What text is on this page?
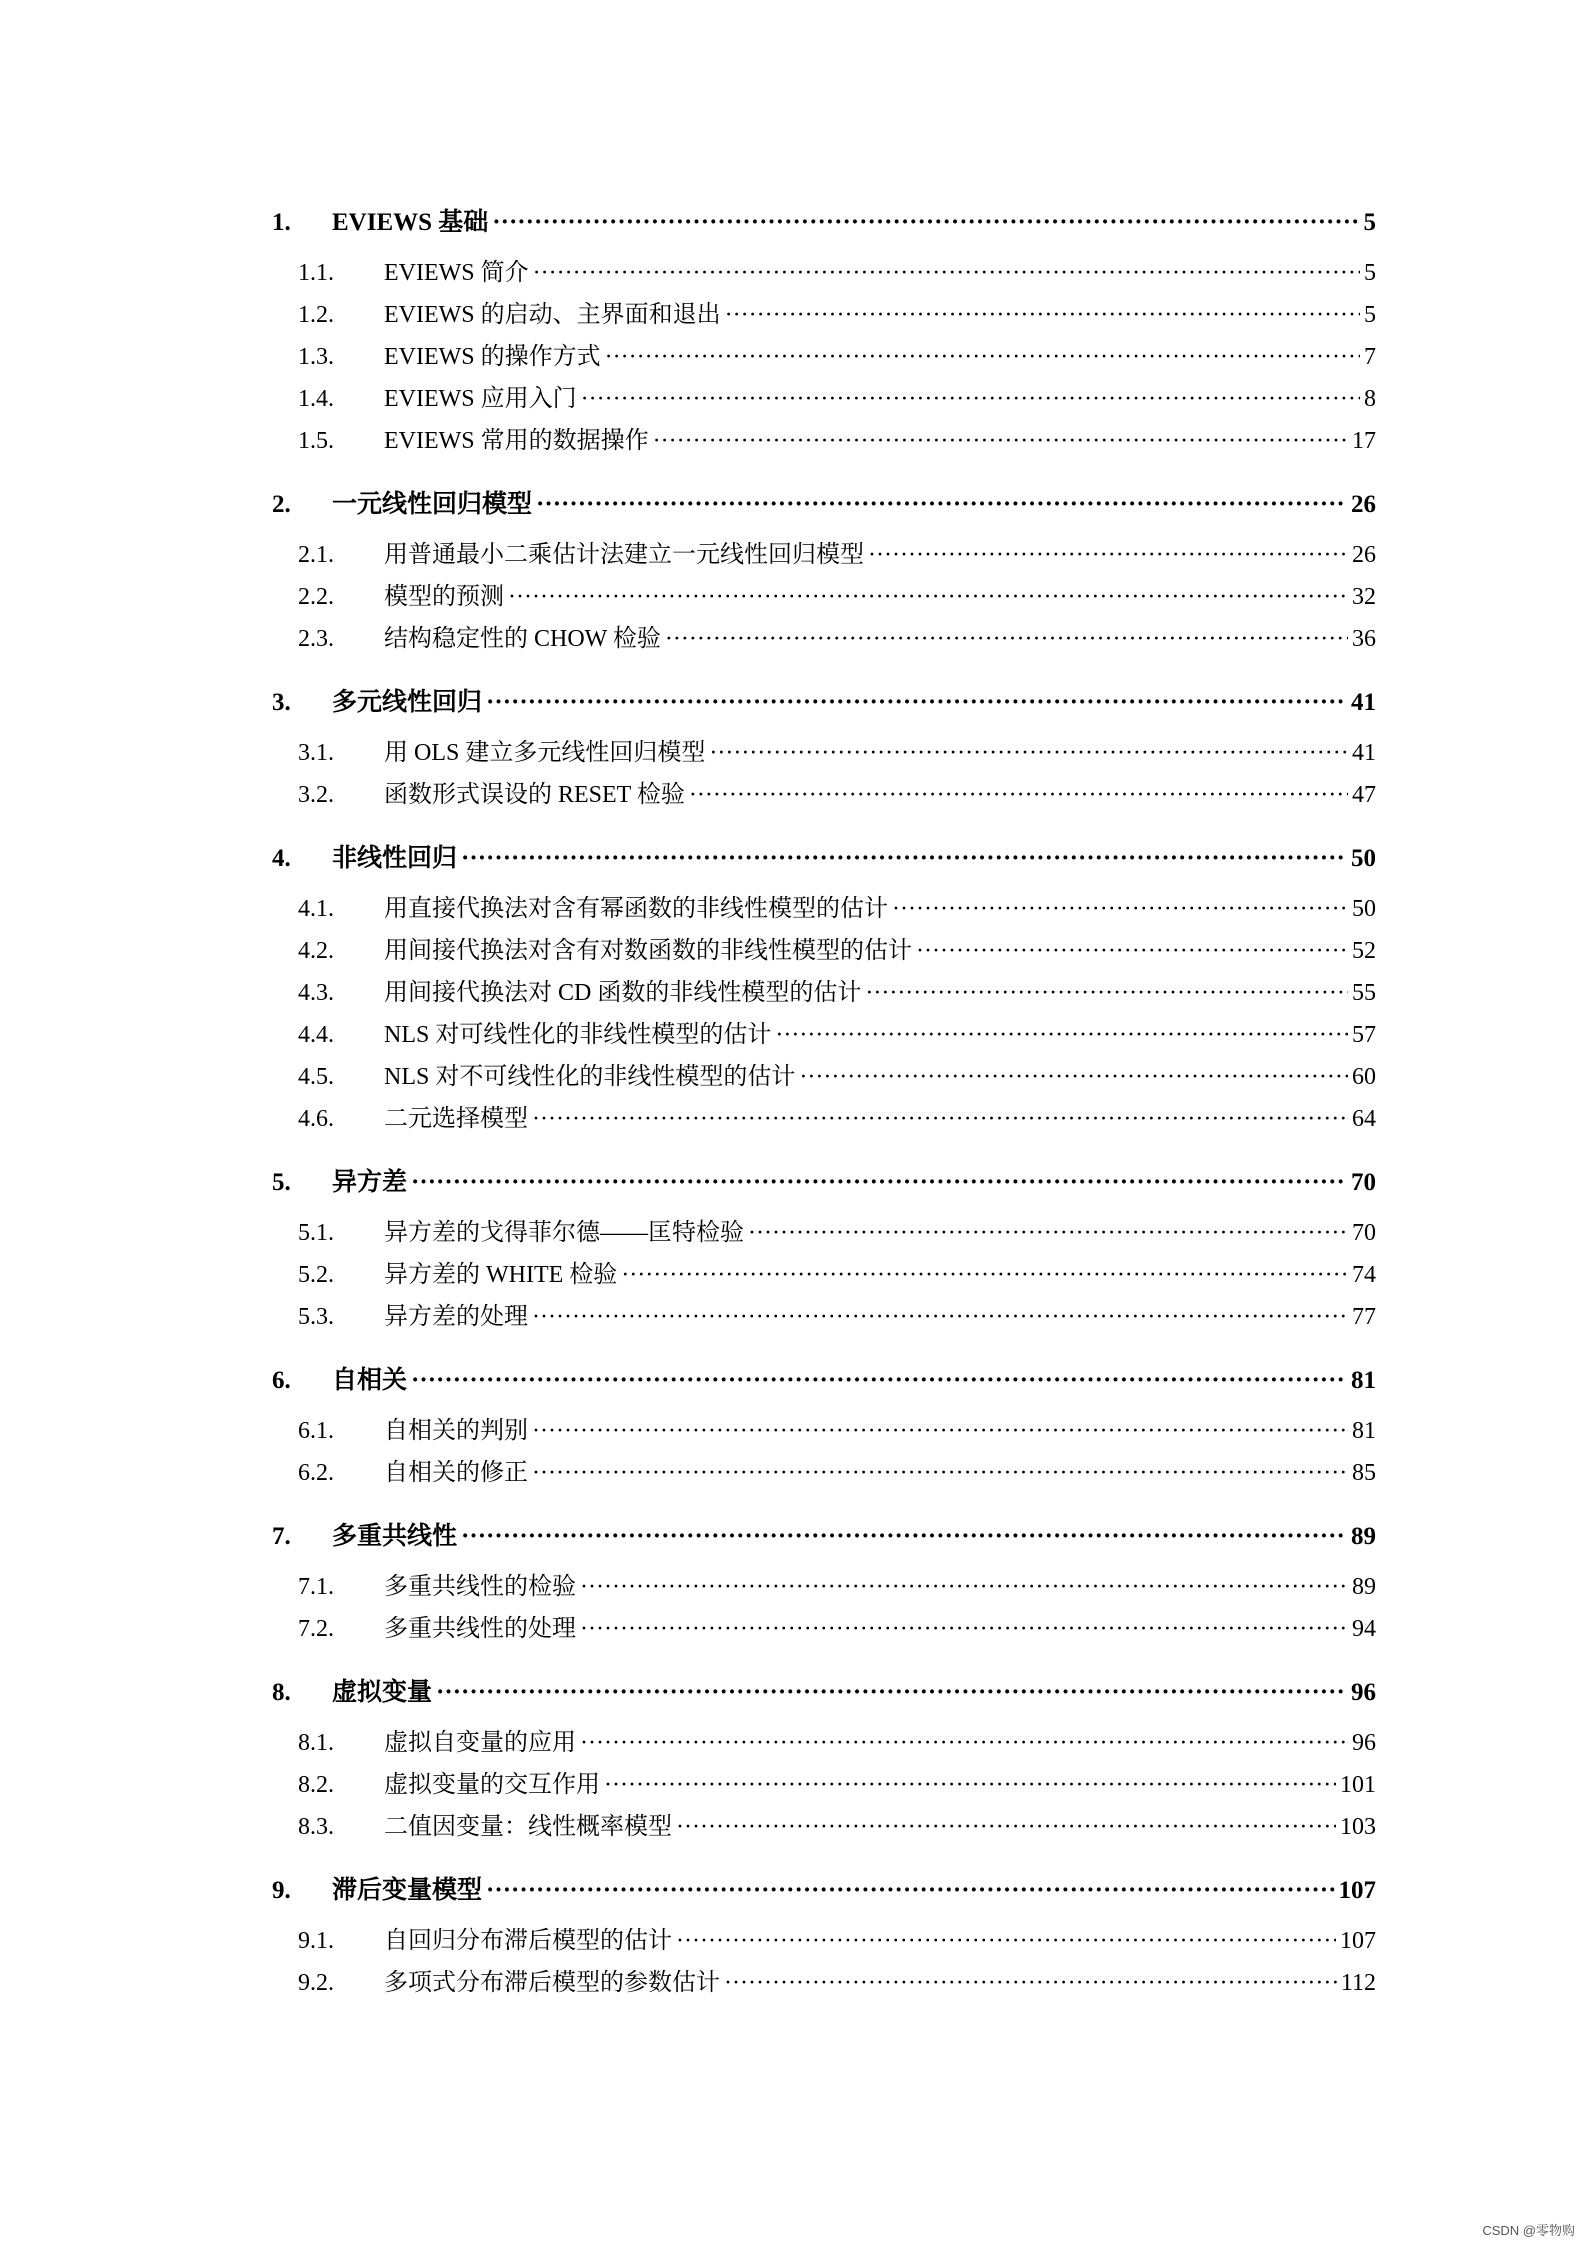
1.	EVIEWS 基础 ·····	5
1.1.	EVIEWS 简介 ·····	5
1.2.	EVIEWS 的启动、主界面和退出 ·····	5
1.3.	EVIEWS 的操作方式 ·····	7
1.4.	EVIEWS 应用入门 ·····	8
1.5.	EVIEWS 常用的数据操作 ·····	17
2.	一元线性回归模型 ·····	26
2.1.	用普通最小二乘估计法建立一元线性回归模型 ·····	26
2.2.	模型的预测 ·····	32
2.3.	结构稳定性的 CHOW 检验 ·····	36
3.	多元线性回归 ·····	41
3.1.	用 OLS 建立多元线性回归模型 ·····	41
3.2.	函数形式误设的 RESET 检验 ·····	47
4.	非线性回归 ·····	50
4.1.	用直接代换法对含有幂函数的非线性模型的估计 ·····	50
4.2.	用间接代换法对含有对数函数的非线性模型的估计 ·····	52
4.3.	用间接代换法对 CD 函数的非线性模型的估计 ·····	55
4.4.	NLS 对可线性化的非线性模型的估计 ·····	57
4.5.	NLS 对不可线性化的非线性模型的估计 ·····	60
4.6.	二元选择模型 ·····	64
5.	异方差 ·····	70
5.1.	异方差的戈得菲尔德——匡特检验 ·····	70
5.2.	异方差的 WHITE 检验 ·····	74
5.3.	异方差的处理 ·····	77
6.	自相关 ·····	81
6.1.	自相关的判别 ·····	81
6.2.	自相关的修正 ·····	85
7.	多重共线性 ·····	89
7.1.	多重共线性的检验 ·····	89
7.2.	多重共线性的处理 ·····	94
8.	虚拟变量 ·····	96
8.1.	虚拟自变量的应用 ·····	96
8.2.	虚拟变量的交互作用 ·····	101
8.3.	二值因变量：线性概率模型 ·····	103
9.	滞后变量模型 ·····	107
9.1.	自回归分布滞后模型的估计 ·····	107
9.2.	多项式分布滞后模型的参数估计 ·····	112
CSDN @零物购
